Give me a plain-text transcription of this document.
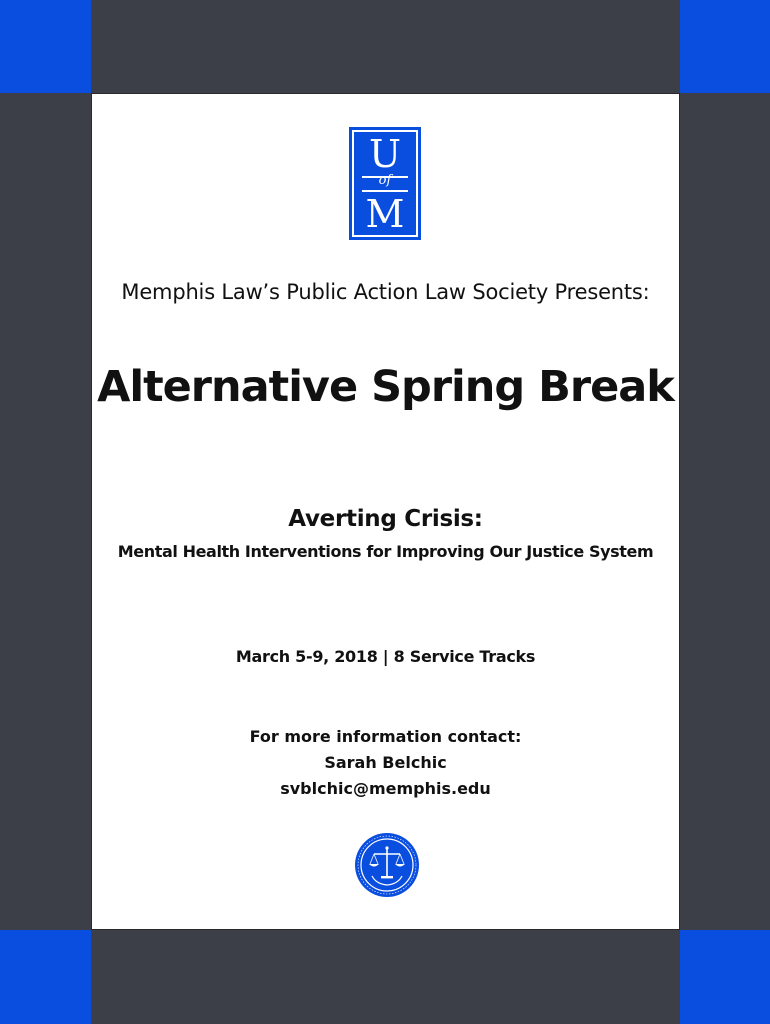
U
of
M
Memphis Law’s Public Action Law Society Presents:
Alternative Spring Break
Averting Crisis:
Mental Health Interventions for Improving Our Justice System
March 5-9, 2018 | 8 Service Tracks
For more information contact:
Sarah Belchic
svblchic@memphis.edu
